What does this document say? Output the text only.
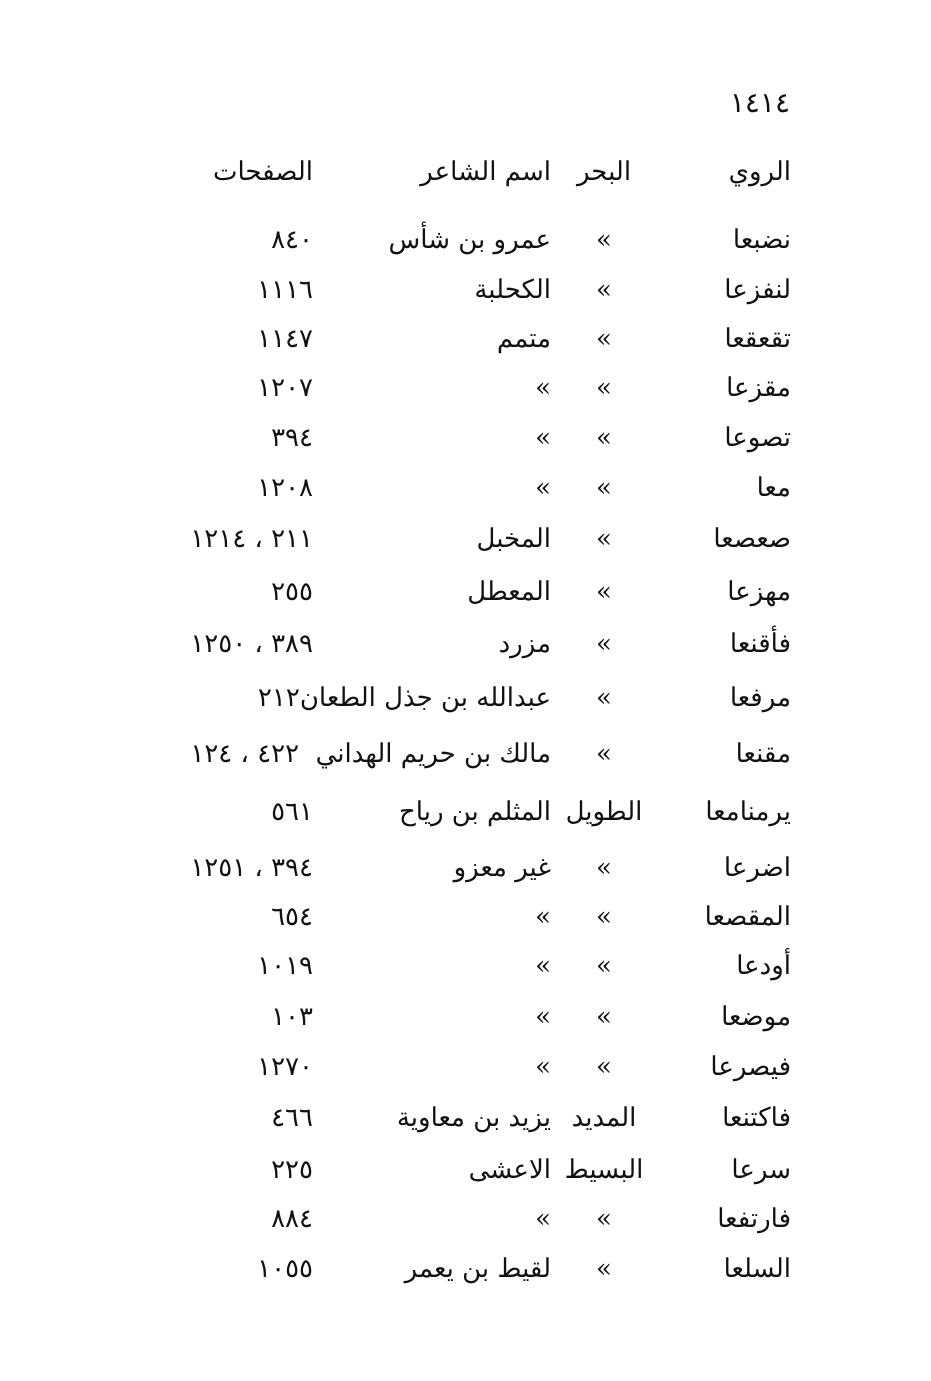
١٤١٤
الروي
البحر
اسم الشاعر
الصفحات
نضبعا
»
عمرو بن شأس
٨٤٠
لنفزعا
»
الكحلبة
١١١٦
تقعقعا
»
متمم
١١٤٧
مقزعا
»
»
١٢٠٧
تصوعا
»
»
٣٩٤
معا
»
»
١٢٠٨
صعصعا
»
المخبل
٢١١ ، ١٢١٤
مهزعا
»
المعطل
٢٥٥
فأقنعا
»
مزرد
٣٨٩ ، ١٢٥٠
مرفعا
»
عبدالله بن جذل الطعان٢١٢
مقنعا
»
مالك بن حريم الهداني  ٤٢٢ ، ١٢٤
يرمنامعا
الطويل
المثلم بن رياح
٥٦١
اضرعا
»
غير معزو
٣٩٤ ، ١٢٥١
المقصعا
»
»
٦٥٤
أودعا
»
»
١٠١٩
موضعا
»
»
١٠٣
فيصرعا
»
»
١٢٧٠
فاكتنعا
المديد
يزيد بن معاوية
٤٦٦
سرعا
البسيط
الاعشى
٢٢٥
فارتفعا
»
»
٨٨٤
السلعا
»
لقيط بن يعمر
١٠٥٥
